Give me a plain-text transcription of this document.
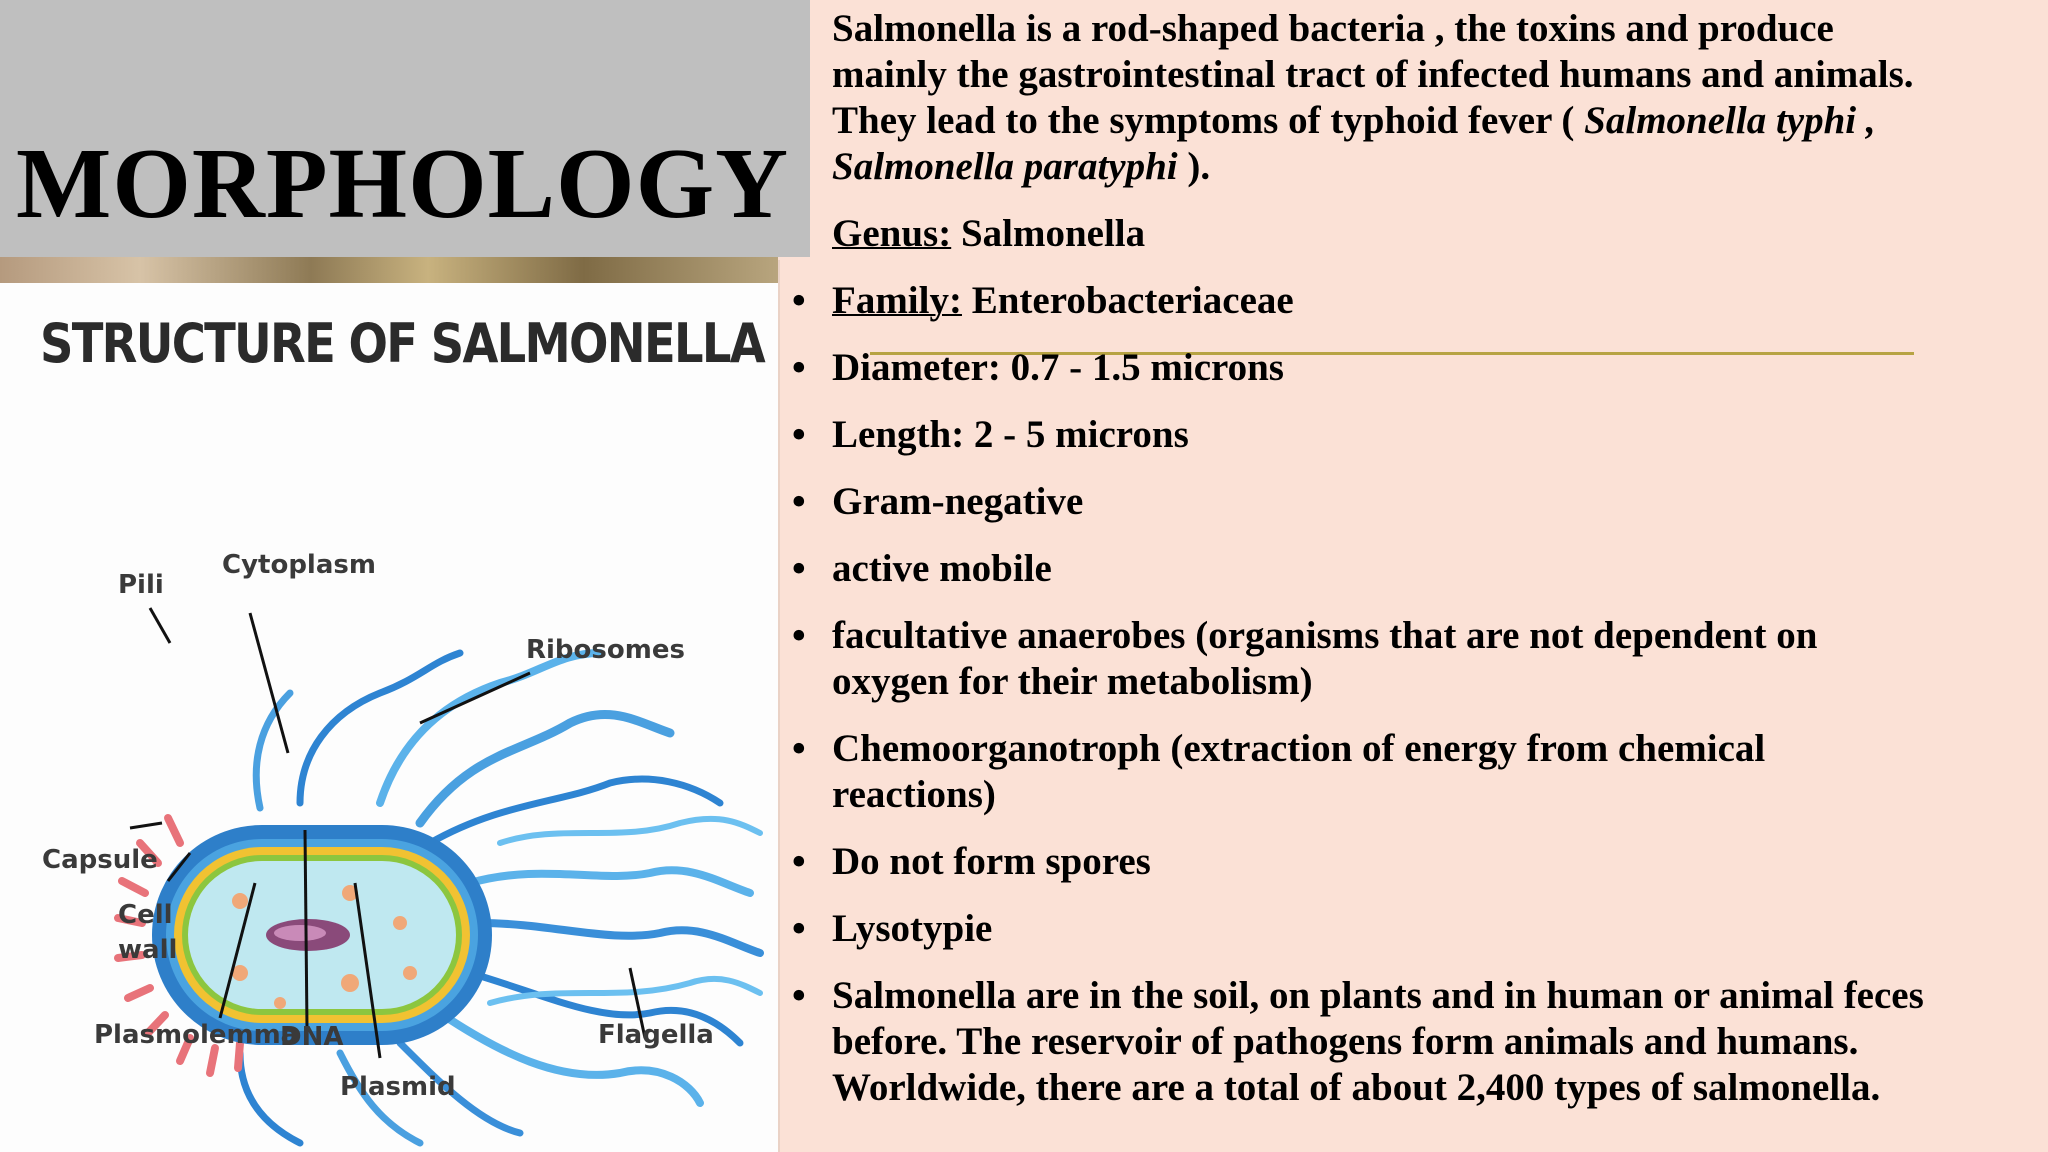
MORPHOLOGY
STRUCTURE OF SALMONELLA
Pili
Cytoplasm
Ribosomes
Capsule
Cell
wall
Plasmolemma
DNA
Plasmid
Flagella
Salmonella is a rod-shaped bacteria , the toxins and produce
mainly the gastrointestinal tract of infected humans and animals.
They lead to the symptoms of typhoid fever ( Salmonella typhi ,
Salmonella paratyphi ).
Genus: Salmonella
• Family: Enterobacteriaceae
• Diameter: 0.7 - 1.5 microns
• Length: 2 - 5 microns
• Gram-negative
• active mobile
• facultative anaerobes (organisms that are not dependent on
oxygen for their metabolism)
• Chemoorganotroph (extraction of energy from chemical
reactions)
• Do not form spores
• Lysotypie
• Salmonella are in the soil, on plants and in human or animal feces
before. The reservoir of pathogens form animals and humans.
Worldwide, there are a total of about 2,400 types of salmonella.
